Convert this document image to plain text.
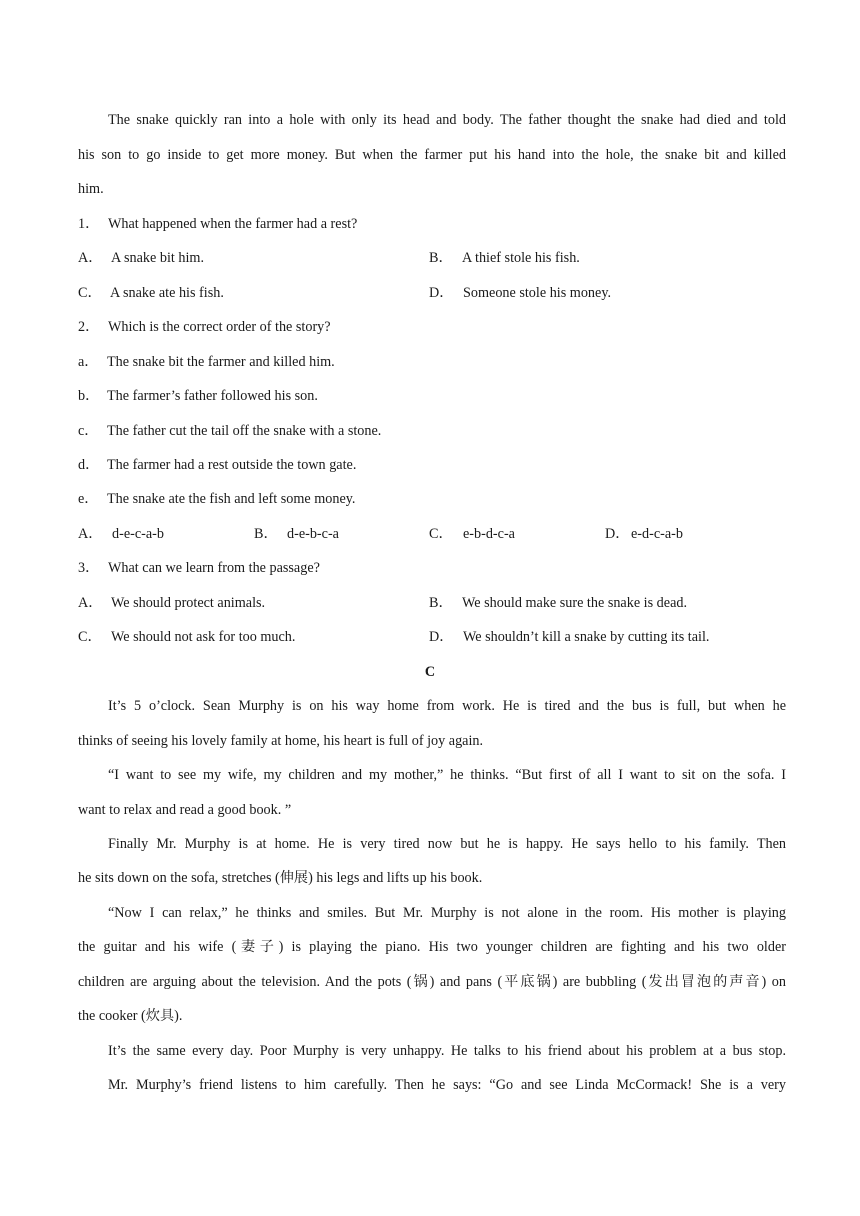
The snake quickly ran into a hole with only its head and body. The father thought the snake had died and told
his son to go inside to get more money. But when the farmer put his hand into the hole, the snake bit and killed
him.
1． What happened when the farmer had a rest?
A． A snake bit him.	B． A thief stole his fish.
C． A snake ate his fish.	D． Someone stole his money.
2． Which is the correct order of the story?
a． The snake bit the farmer and killed him.
b． The farmer’s father followed his son.
c． The father cut the tail off the snake with a stone.
d． The farmer had a rest outside the town gate.
e． The snake ate the fish and left some money.
A． d-e-c-a-b	B． d-e-b-c-a	C． e-b-d-c-a	D． e-d-c-a-b
3． What can we learn from the passage?
A． We should protect animals.	B． We should make sure the snake is dead.
C． We should not ask for too much.	D． We shouldn’t kill a snake by cutting its tail.
C
It’s 5 o’clock. Sean Murphy is on his way home from work. He is tired and the bus is full, but when he
thinks of seeing his lovely family at home, his heart is full of joy again.
“I want to see my wife, my children and my mother,” he thinks. “But first of all I want to sit on the sofa. I
want to relax and read a good book. ”
Finally Mr. Murphy is at home. He is very tired now but he is happy. He says hello to his family. Then
he sits down on the sofa, stretches (伸展) his legs and lifts up his book.
“Now I can relax,” he thinks and smiles. But Mr. Murphy is not alone in the room. His mother is playing
the guitar and his wife (妻子) is playing the piano. His two younger children are fighting and his two older
children are arguing about the television. And the pots (锅) and pans (平底锅) are bubbling (发出冒泡的声音) on
the cooker (炊具).
It’s the same every day. Poor Murphy is very unhappy. He talks to his friend about his problem at a bus stop.
Mr. Murphy’s friend listens to him carefully. Then he says: “Go and see Linda McCormack! She is a very
